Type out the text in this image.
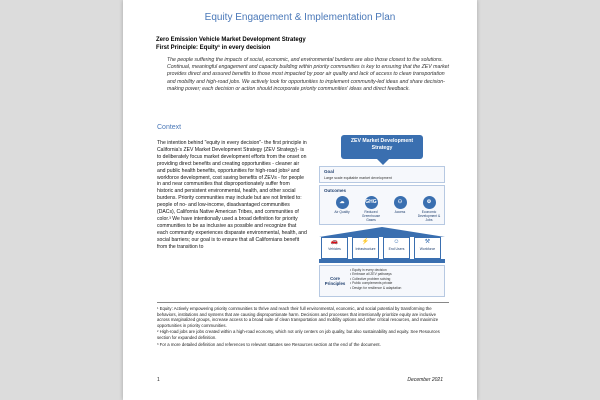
Equity Engagement & Implementation Plan
Zero Emission Vehicle Market Development Strategy
First Principle: Equity¹ in every decision
The people suffering the impacts of social, economic, and environmental burdens are also those closest to the solutions. Continual, meaningful engagement and capacity building within priority communities is key to ensuring that the ZEV market provides direct and assured benefits to those most impacted by poor air quality and lack of access to clean transportation and mobility and high-road jobs. We actively look for opportunities to implement community-led ideas and share decision-making power; each decision or action should incorporate priority communities' ideas and direct feedback.
Context
The intention behind "equity in every decision"- the first principle in California's ZEV Market Development Strategy (ZEV Strategy)- is to deliberately focus market development efforts from the onset on providing direct benefits and creating opportunities - cleaner air and public health benefits, opportunities for high-road jobs² and workforce development, cost saving benefits of ZEVs - for people in and near communities that disproportionately suffer from historic and persistent environmental, health, and other social burdens. Priority communities may include but are not limited to: people of no- and low-income, disadvantaged communities (DACs), California Native American Tribes, and communities of color.³ We have intentionally used a broad definition for priority communities to be as inclusive as possible and recognize that each community experiences disparate environmental, health, and social barriers; our goal is to ensure that all Californians benefit from the transition to
ZEV Market Development Strategy
Goal
Large scale equitable market development
Outcomes
☁
Air Quality
GHG
Reduced Greenhouse Gases
⚇
Access
⚙
Economic Development & Jobs
🚗
Vehicles
⚡
Infrastructure
☺
End Users
⚒
Workforce
Core Principles
• Equity in every decision
• Embrace all ZEV pathways
• Collective problem solving
• Public complements private
• Design for resilience & adaptation

¹ Equity: Actively empowering priority communities to thrive and reach their full environmental, economic, and social potential by transforming the behaviors, institutions and systems that are causing disproportionate harm. Decisions and processes that intentionally prioritize equity are inclusive across marginalized groups, increase access to a broad suite of clean transportation and mobility options and other critical resources, and maximize opportunities in priority communities.

² High-road jobs are jobs created within a high-road economy, which not only centers on job quality, but also sustainability and equity. See Resources section for expanded definition.

³ For a more detailed definition and references to relevant statutes see Resources section at the end of the document.

1	December 2021
